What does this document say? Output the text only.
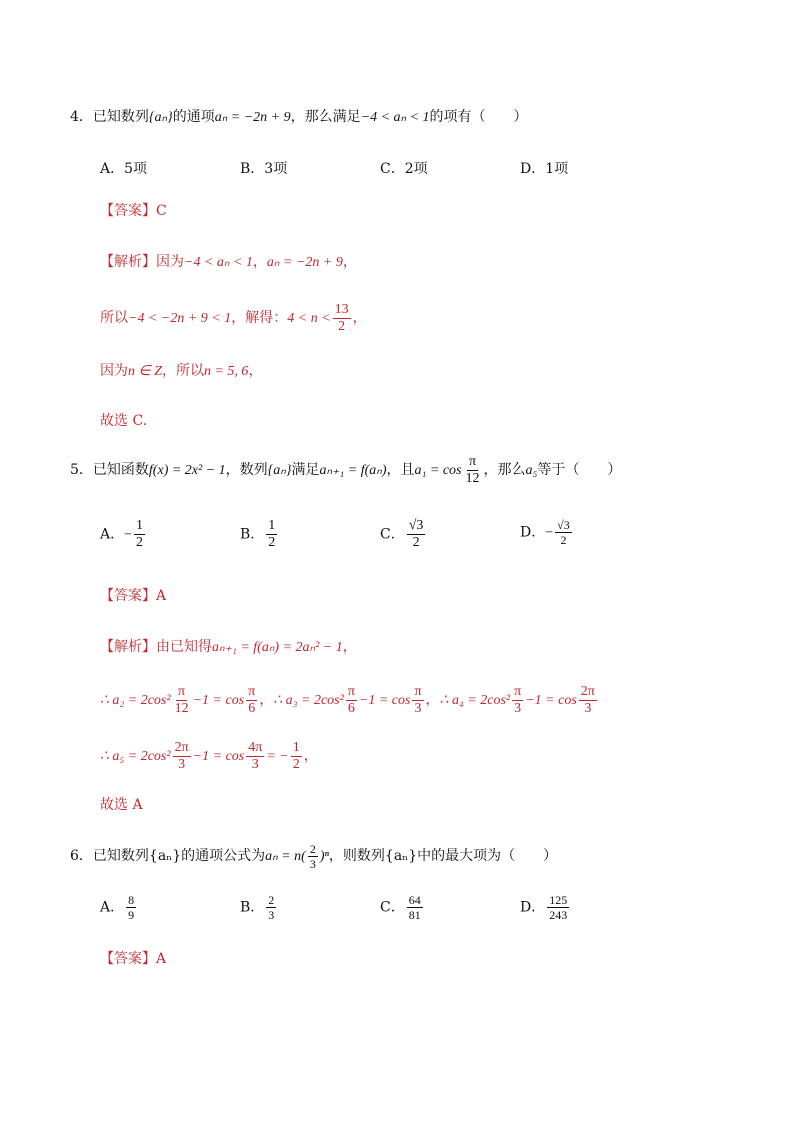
4．已知数列{aₙ}的通项aₙ = −2n + 9，那么满足−4 < aₙ < 1的项有（　　）
A．5项	B．3项	C．2项	D．1项
【答案】C
【解析】因为−4 < aₙ < 1，aₙ = −2n + 9，
所以−4 < −2n + 9 < 1，解得：$4 < n < \frac{13}{2}$ ，
因为n ∈ Z，所以n = 5, 6，
故选 C.
5．已知函数f(x) = 2x² − 1，数列{aₙ}满足aₙ₊₁ = f(aₙ)，且$a_1 = \cos \frac{\pi}{12}$ ，那么a₅等于（　　）
A．− $\frac{1}{2}$	B． $\frac{1}{2}$	C． $\frac{√3}{2}$	D．− $\frac{√3}{2}$
【答案】A
【解析】由已知得aₙ₊₁ = f(aₙ) = 2aₙ² − 1，
∴ $a_2 = 2\cos^2 \frac{\pi}{12} -1 = \cos \frac{\pi}{6}$ ，∴ $a_3 = 2\cos^2 \frac{\pi}{6} -1 = \cos \frac{\pi}{3}$ ，∴ $a_4 = 2\cos^2 \frac{\pi}{3} -1 = \cos \frac{2\pi}{3}$
∴ $a_5 = 2\cos^2 \frac{2\pi}{3} -1 = \cos \frac{4\pi}{3}$ = − $\frac{1}{2}$ ，
故选 A
6．已知数列{aₙ}的通项公式为$a_n = n( \frac{2}{3} )^n$，则数列{aₙ}中的最大项为（　　）
A． $\frac{8}{9}$	B． $\frac{2}{3}$	C． $\frac{64}{81}$	D． $\frac{125}{243}$
【答案】A
